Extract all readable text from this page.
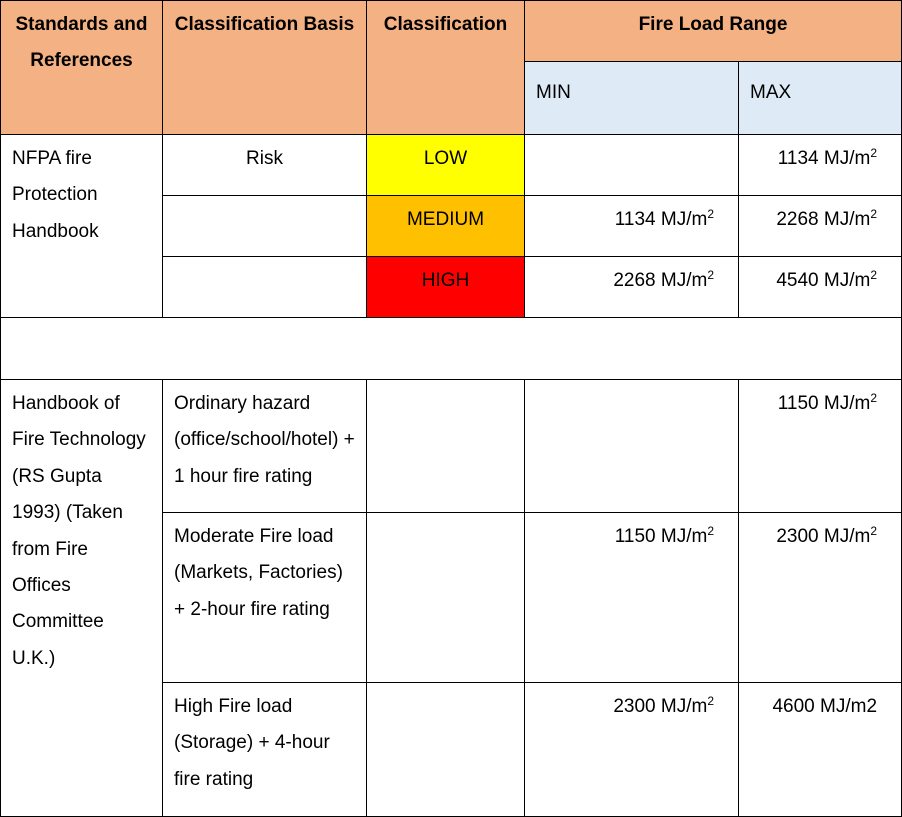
Standards and References	Classification Basis	Classification	Fire Load Range	
			MIN	MAX
NFPA fire Protection Handbook	Risk	LOW		1134 $MJ/m^2$
		MEDIUM	1134 $MJ/m^2$	2268 $MJ/m^2$
		HIGH	2268 $MJ/m^2$	4540 $MJ/m^2$

Handbook of Fire Technology (RS Gupta 1993) (Taken from Fire Offices Committee U.K.)	Ordinary hazard (office/school/hotel) + 1 hour fire rating			1150 $MJ/m^2$
	Moderate Fire load (Markets, Factories) + 2-hour fire rating		1150 $MJ/m^2$	2300 $MJ/m^2$
	High Fire load (Storage) + 4-hour fire rating		2300 $MJ/m^2$	4600 MJ/m2
